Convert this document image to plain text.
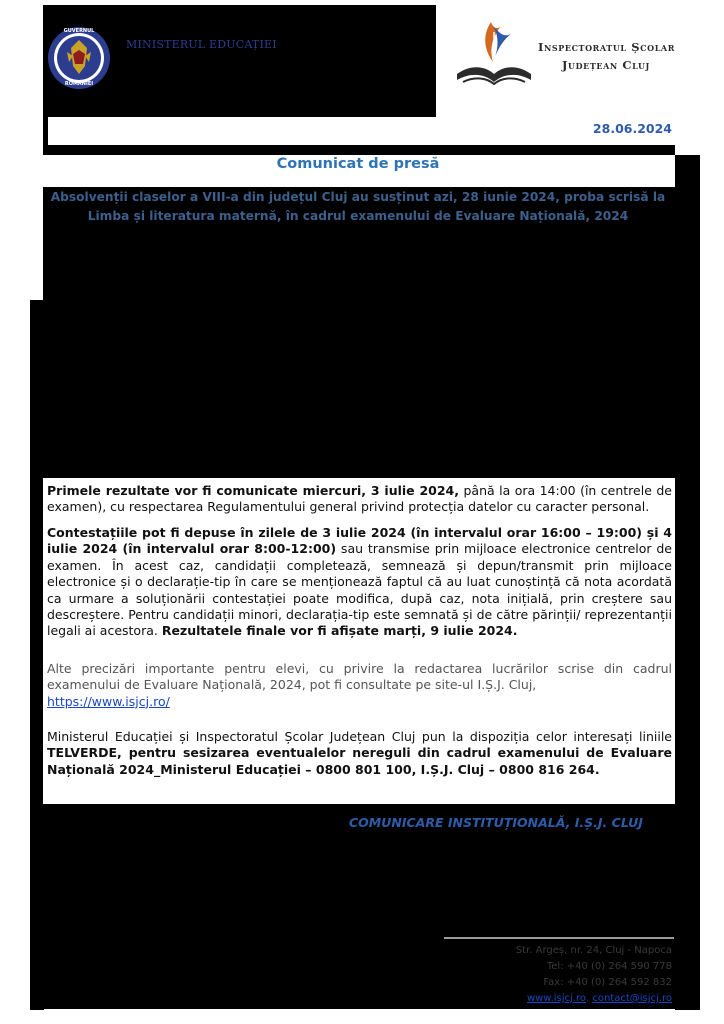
GUVERNUL
ROMÂNIEI
MINISTERUL EDUCAȚIEI	Inspectoratul Școlar
Județean Cluj
28.06.2024
Comunicat de presă
Absolvenții claselor a VIII-a din județul Cluj au susținut azi, 28 iunie 2024, proba scrisă la
Limba și literatura maternă, în cadrul examenului de Evaluare Națională, 2024
Primele rezultate vor fi comunicate miercuri, 3 iulie 2024, până la ora 14:00 (în centrele de examen), cu respectarea Regulamentului general privind protecția datelor cu caracter personal.
Contestațiile pot fi depuse în zilele de 3 iulie 2024 (în intervalul orar 16:00 – 19:00) și 4 iulie 2024 (în intervalul orar 8:00-12:00) sau transmise prin mijloace electronice centrelor de examen. În acest caz, candidații completează, semnează și depun/transmit prin mijloace electronice și o declarație-tip în care se menționează faptul că au luat cunoștință că nota acordată ca urmare a soluționării contestației poate modifica, după caz, nota inițială, prin creștere sau descreștere. Pentru candidații minori, declarația-tip este semnată și de către părinții/ reprezentanții legali ai acestora. Rezultatele finale vor fi afișate marți, 9 iulie 2024.
Alte precizări importante pentru elevi, cu privire la redactarea lucrărilor scrise din cadrul examenului de Evaluare Națională, 2024, pot fi consultate pe site-ul I.Ș.J. Cluj,
https://www.isjcj.ro/
Ministerul Educației și Inspectoratul Școlar Județean Cluj pun la dispoziția celor interesați liniile TELVERDE, pentru sesizarea eventualelor nereguli din cadrul examenului de Evaluare Națională 2024_Ministerul Educației – 0800 801 100, I.Ș.J. Cluj – 0800 816 264.
COMUNICARE INSTITUȚIONALĂ, I.Ș.J. CLUJ
Str. Argeș, nr. 24, Cluj - Napoca
Tel: +40 (0) 264 590 778
Fax: +40 (0) 264 592 832
www.isjcj.ro, contact@isjcj.ro
